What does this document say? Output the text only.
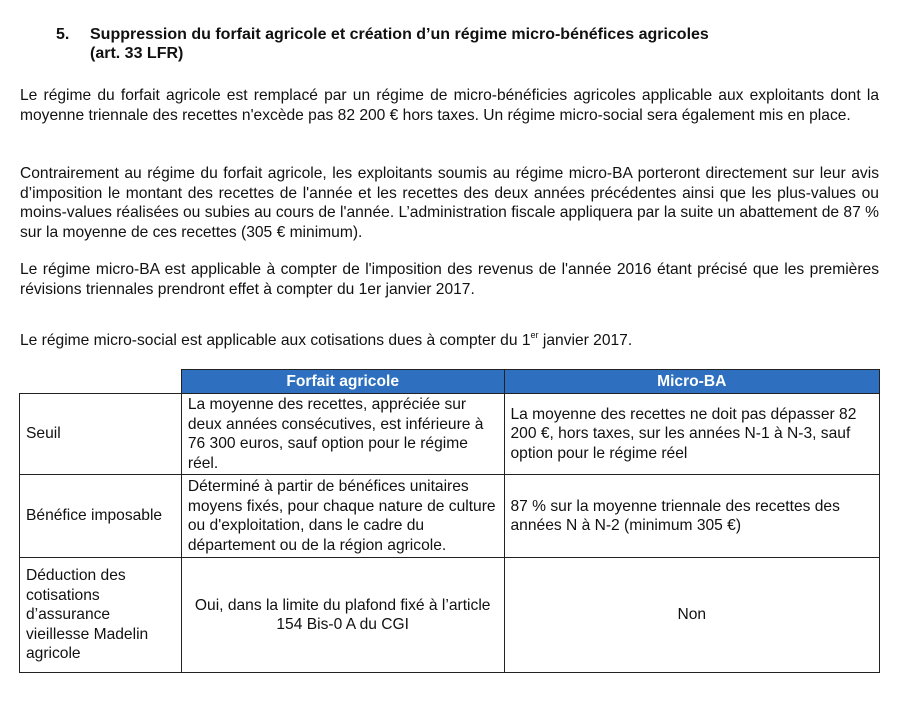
5.	Suppression du forfait agricole et création d’un régime micro-bénéfices agricoles
(art. 33 LFR)
Le régime du forfait agricole est remplacé par un régime de micro-bénéficies agricoles applicable aux exploitants dont la moyenne triennale des recettes n'excède pas 82 200 € hors taxes. Un régime micro-social sera également mis en place.
Contrairement au régime du forfait agricole, les exploitants soumis au régime micro-BA porteront directement sur leur avis d’imposition le montant des recettes de l'année et les recettes des deux années précédentes ainsi que les plus-values ou moins-values réalisées ou subies au cours de l'année. L’administration fiscale appliquera par la suite un abattement de 87 % sur la moyenne de ces recettes (305 € minimum).
Le régime micro-BA est applicable à compter de l'imposition des revenus de l'année 2016 étant précisé que les premières révisions triennales prendront effet à compter du 1er janvier 2017.
Le régime micro-social est applicable aux cotisations dues à compter du 1er janvier 2017.
	Forfait agricole	Micro-BA
Seuil	La moyenne des recettes, appréciée sur deux années consécutives, est inférieure à 76 300 euros, sauf option pour le régime réel.	La moyenne des recettes ne doit pas dépasser 82 200 €, hors taxes, sur les années N-1 à N-3, sauf option pour le régime réel
Bénéfice imposable	Déterminé à partir de bénéfices unitaires moyens fixés, pour chaque nature de culture ou d'exploitation, dans le cadre du département ou de la région agricole.	87 % sur la moyenne triennale des recettes des années N à N-2 (minimum 305 €)
Déduction des cotisations d’assurance vieillesse Madelin agricole	Oui, dans la limite du plafond fixé à l’article 154 Bis-0 A du CGI	Non
